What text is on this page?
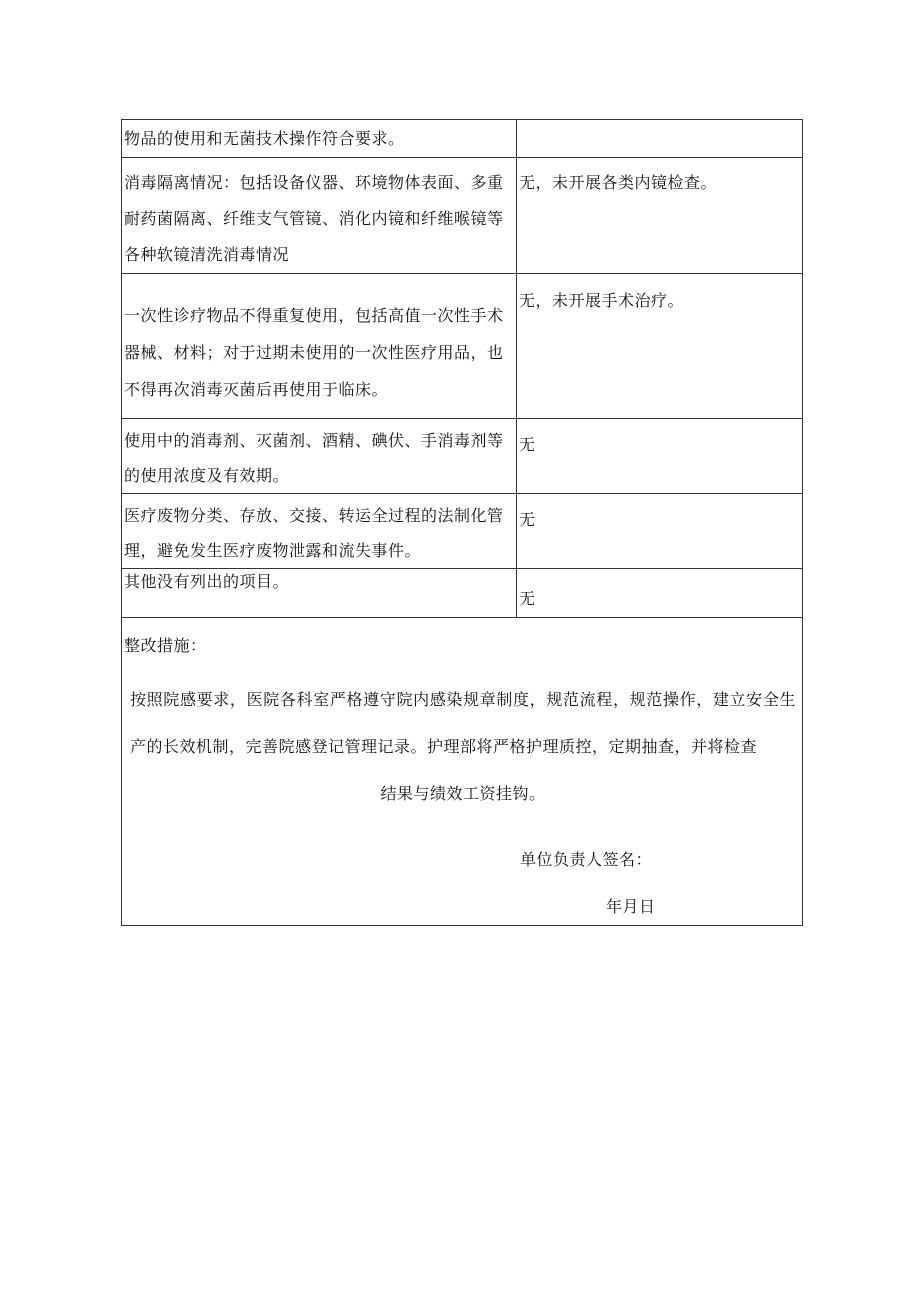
物品的使用和无菌技术操作符合要求。	

消毒隔离情况：包括设备仪器、环境物体表面、多重耐药菌隔离、纤维支气管镜、消化内镜和纤维喉镜等各种软镜清洗消毒情况	无，未开展各类内镜检查。

一次性诊疗物品不得重复使用，包括高值一次性手术器械、材料；对于过期未使用的一次性医疗用品，也不得再次消毒灭菌后再使用于临床。	无，未开展手术治疗。

使用中的消毒剂、灭菌剂、酒精、碘伏、手消毒剂等的使用浓度及有效期。	无

医疗废物分类、存放、交接、转运全过程的法制化管理，避免发生医疗废物泄露和流失事件。	无

其他没有列出的项目。	无

整改措施：
按照院感要求，医院各科室严格遵守院内感染规章制度，规范流程，规范操作，建立安全生产的长效机制，完善院感登记管理记录。护理部将严格护理质控，定期抽查，并将检查
结果与绩效工资挂钩。
单位负责人签名：
年月日	
